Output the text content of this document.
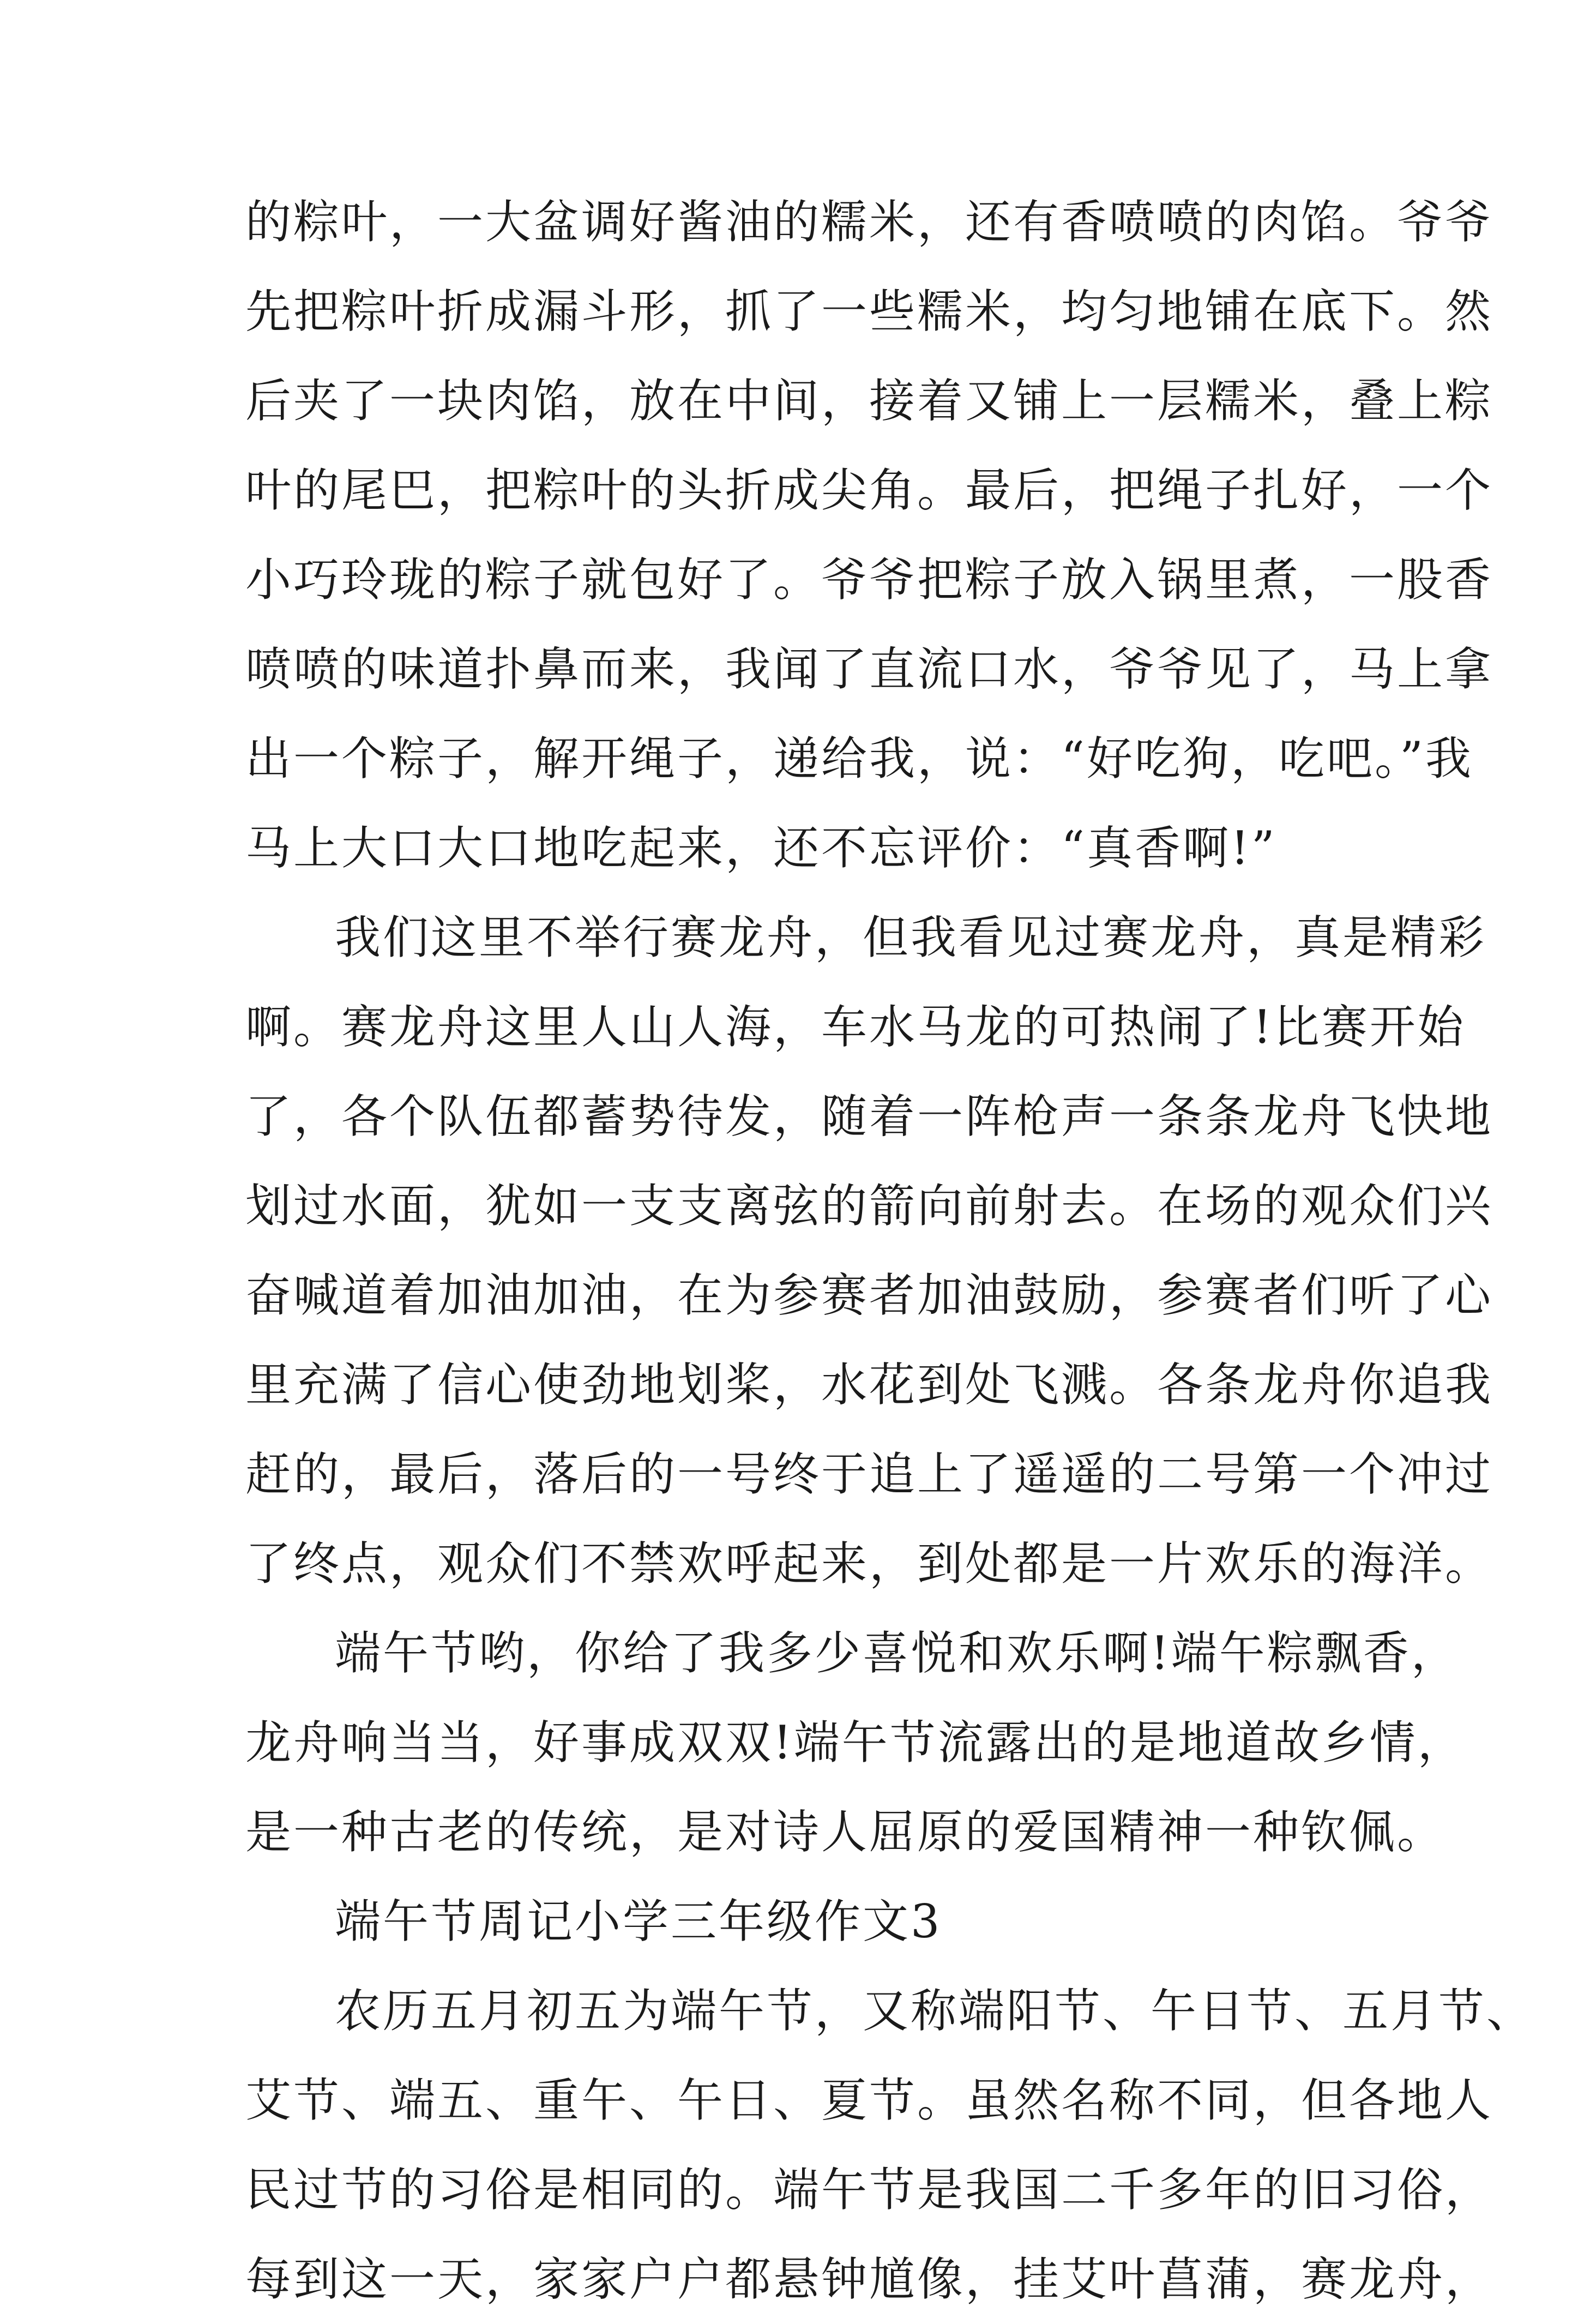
的粽叶，一大盆调好酱油的糯米，还有香喷喷的肉馅。爷爷
先把粽叶折成漏斗形，抓了一些糯米，均匀地铺在底下。然
后夹了一块肉馅，放在中间，接着又铺上一层糯米，叠上粽
叶的尾巴，把粽叶的头折成尖角。最后，把绳子扎好，一个
小巧玲珑的粽子就包好了。爷爷把粽子放入锅里煮，一股香
喷喷的味道扑鼻而来，我闻了直流口水，爷爷见了，马上拿
出一个粽子，解开绳子，递给我，说：“好吃狗，吃吧。”我
马上大口大口地吃起来，还不忘评价：“真香啊!”
我们这里不举行赛龙舟，但我看见过赛龙舟，真是精彩
啊。赛龙舟这里人山人海，车水马龙的可热闹了!比赛开始
了，各个队伍都蓄势待发，随着一阵枪声一条条龙舟飞快地
划过水面，犹如一支支离弦的箭向前射去。在场的观众们兴
奋喊道着加油加油，在为参赛者加油鼓励，参赛者们听了心
里充满了信心使劲地划桨，水花到处飞溅。各条龙舟你追我
赶的，最后，落后的一号终于追上了遥遥的二号第一个冲过
了终点，观众们不禁欢呼起来，到处都是一片欢乐的海洋。
端午节哟，你给了我多少喜悦和欢乐啊!端午粽飘香，
龙舟响当当，好事成双双!端午节流露出的是地道故乡情，
是一种古老的传统，是对诗人屈原的爱国精神一种钦佩。
端午节周记小学三年级作文3
农历五月初五为端午节，又称端阳节、午日节、五月节、
艾节、端五、重午、午日、夏节。虽然名称不同，但各地人
民过节的习俗是相同的。端午节是我国二千多年的旧习俗，
每到这一天，家家户户都悬钟馗像，挂艾叶菖蒲，赛龙舟，
